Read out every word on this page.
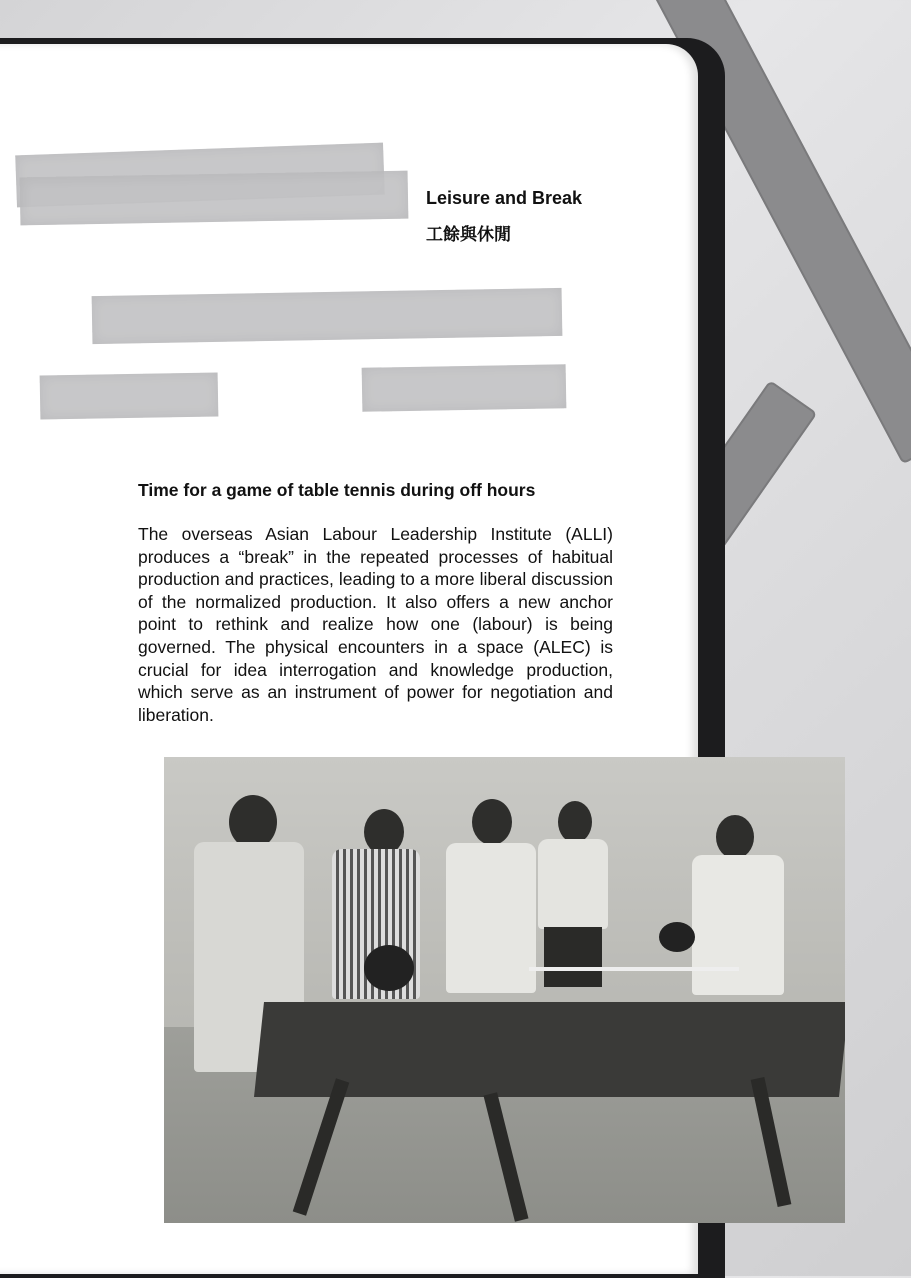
Leisure and Break
工餘與休閒
Time for a game of table tennis during off hours
The overseas Asian Labour Leadership Institute (ALLI) produces a “break” in the repeated processes of habitual production and practices, leading to a more liberal discussion of the normalized production. It also offers a new anchor point to rethink and realize how one (labour) is being governed. The physical encounters in a space (ALEC) is crucial for idea interrogation and knowledge production, which serve as an instrument of power for negotiation and liberation.
